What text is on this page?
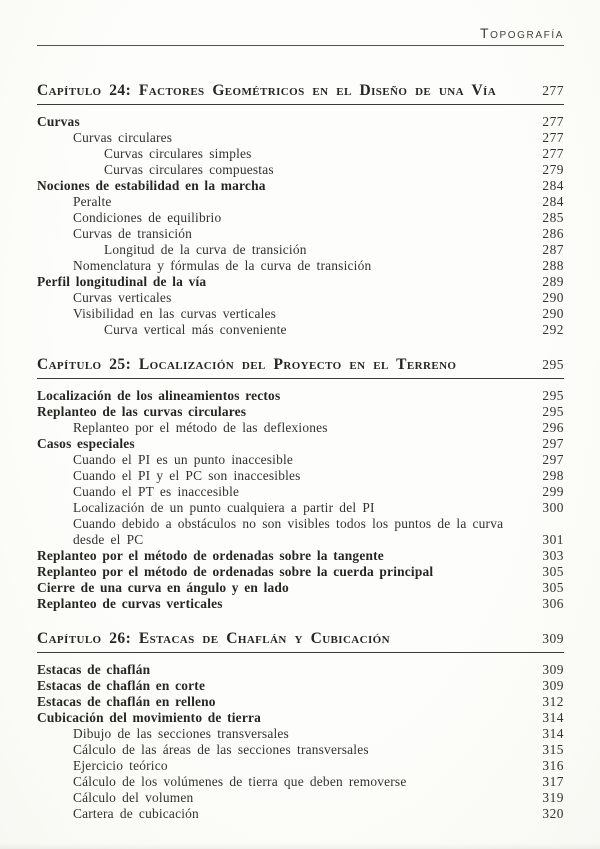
Topografía
Capítulo 24: Factores Geométricos en el Diseño de una Vía	277
Curvas	277
Curvas circulares	277
Curvas circulares simples	277
Curvas circulares compuestas	279
Nociones de estabilidad en la marcha	284
Peralte	284
Condiciones de equilibrio	285
Curvas de transición	286
Longitud de la curva de transición	287
Nomenclatura y fórmulas de la curva de transición	288
Perfil longitudinal de la vía	289
Curvas verticales	290
Visibilidad en las curvas verticales	290
Curva vertical más conveniente	292
Capítulo 25: Localización del Proyecto en el Terreno	295
Localización de los alineamientos rectos	295
Replanteo de las curvas circulares	295
Replanteo por el método de las deflexiones	296
Casos especiales	297
Cuando el PI es un punto inaccesible	297
Cuando el PI y el PC son inaccesibles	298
Cuando el PT es inaccesible	299
Localización de un punto cualquiera a partir del PI	300
Cuando debido a obstáculos no son visibles todos los puntos de la curva desde el PC	301
Replanteo por el método de ordenadas sobre la tangente	303
Replanteo por el método de ordenadas sobre la cuerda principal	305
Cierre de una curva en ángulo y en lado	305
Replanteo de curvas verticales	306
Capítulo 26: Estacas de Chaflán y Cubicación	309
Estacas de chaflán	309
Estacas de chaflán en corte	309
Estacas de chaflán en relleno	312
Cubicación del movimiento de tierra	314
Dibujo de las secciones transversales	314
Cálculo de las áreas de las secciones transversales	315
Ejercicio teórico	316
Cálculo de los volúmenes de tierra que deben removerse	317
Cálculo del volumen	319
Cartera de cubicación	320
